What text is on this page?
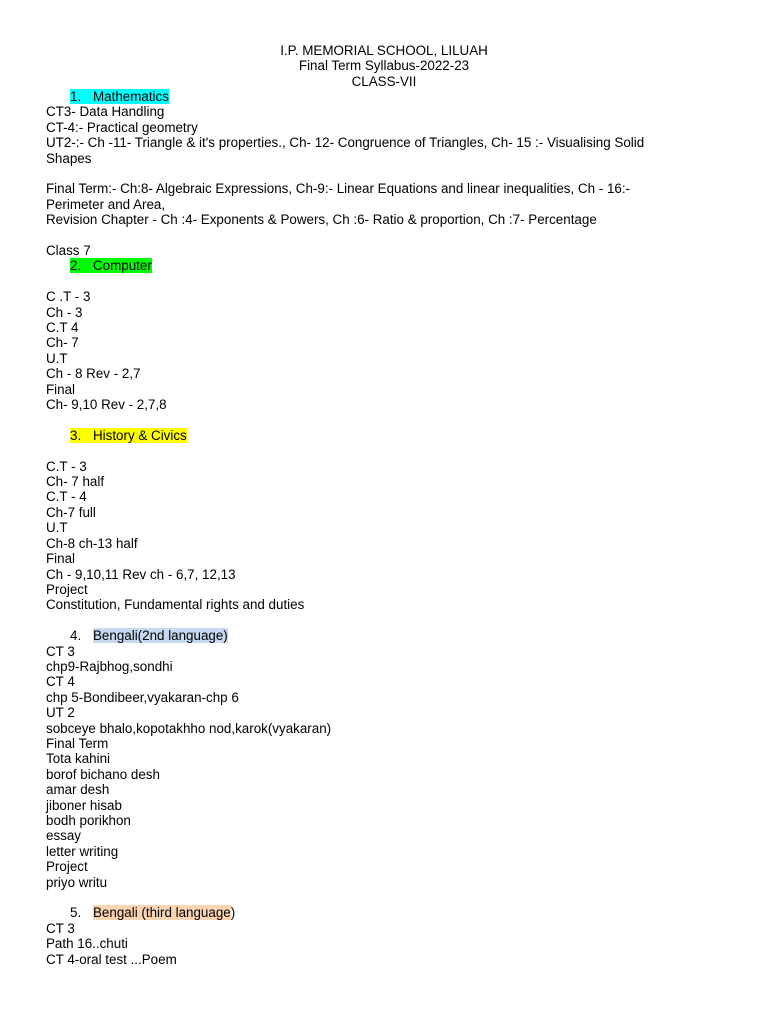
I.P. MEMORIAL SCHOOL, LILUAH
Final Term Syllabus-2022-23
CLASS-VII
1. Mathematics
CT3- Data Handling
CT-4:- Practical geometry
UT2-:- Ch -11- Triangle & it's properties., Ch- 12- Congruence of Triangles, Ch- 15 :- Visualising Solid
Shapes
Final Term:- Ch:8- Algebraic Expressions, Ch-9:- Linear Equations and linear inequalities, Ch - 16:-
Perimeter and Area,
Revision Chapter - Ch :4- Exponents & Powers, Ch :6- Ratio & proportion, Ch :7- Percentage
Class 7
2. Computer
C .T - 3
Ch - 3
C.T 4
Ch- 7
U.T
Ch - 8 Rev - 2,7
Final
Ch- 9,10 Rev - 2,7,8
3. History & Civics
C.T - 3
Ch- 7 half
C.T - 4
Ch-7 full
U.T
Ch-8 ch-13 half
Final
Ch - 9,10,11 Rev ch - 6,7, 12,13
Project
Constitution, Fundamental rights and duties
4. Bengali(2nd language)
CT 3
chp9-Rajbhog,sondhi
CT 4
chp 5-Bondibeer,vyakaran-chp 6
UT 2
sobceye bhalo,kopotakhho nod,karok(vyakaran)
Final Term
Tota kahini
borof bichano desh
amar desh
jiboner hisab
bodh porikhon
essay
letter writing
Project
priyo writu
5. Bengali (third language)
CT 3
Path 16..chuti
CT 4-oral test ...Poem
